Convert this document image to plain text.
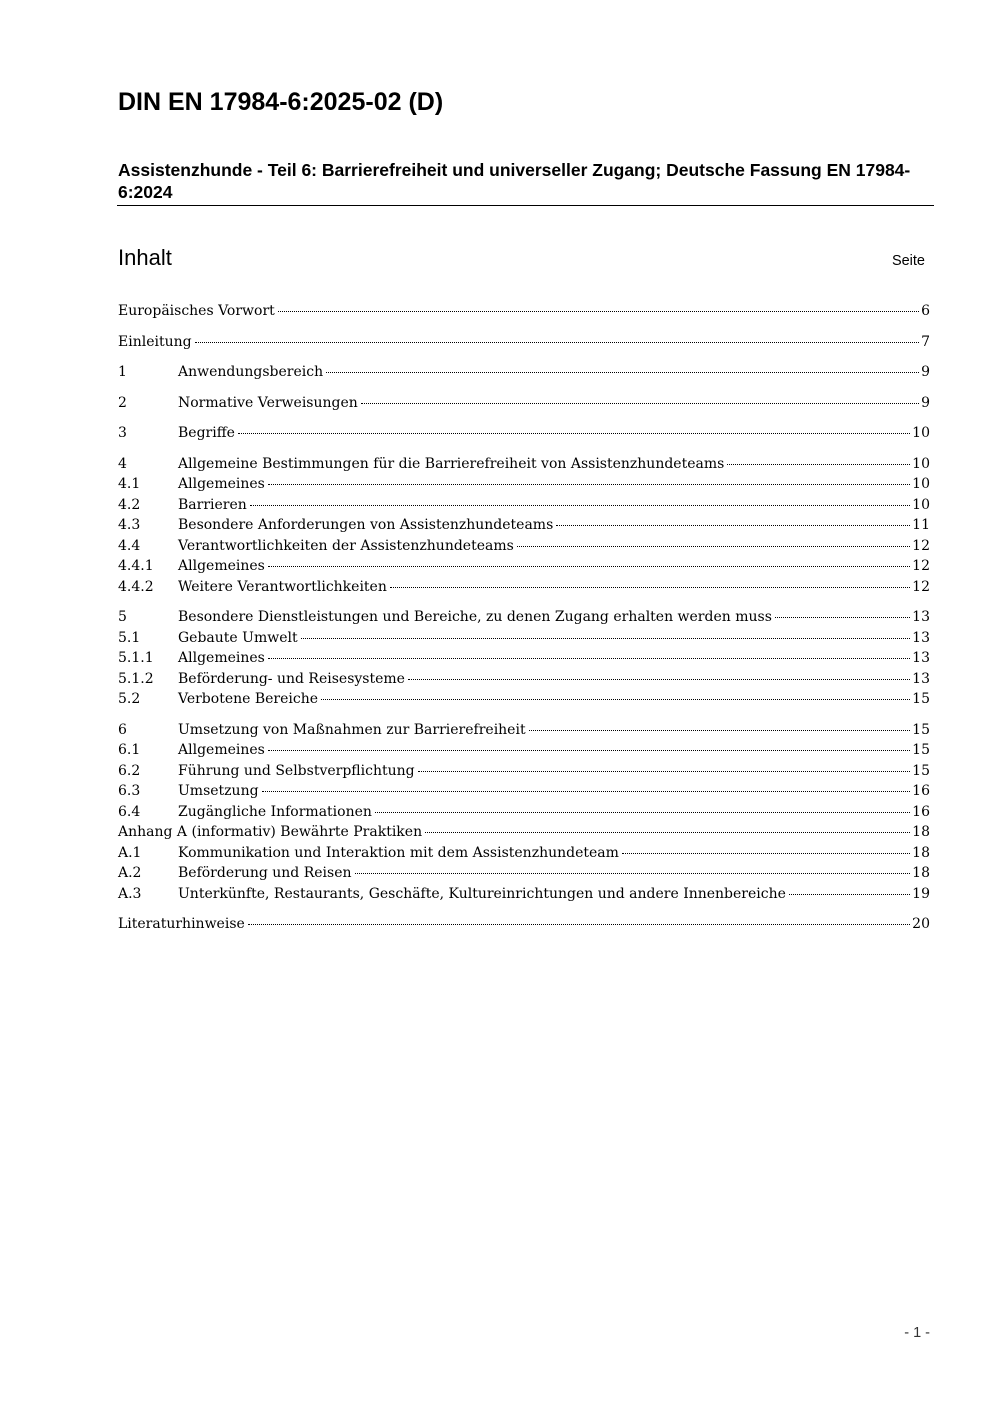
DIN EN 17984-6:2025-02 (D)
Assistenzhunde - Teil 6: Barrierefreiheit und universeller Zugang; Deutsche Fassung EN 17984-6:2024
Inhalt	Seite
Europäisches Vorwort	6
Einleitung	7
1	Anwendungsbereich	9
2	Normative Verweisungen	9
3	Begriffe	10
4	Allgemeine Bestimmungen für die Barrierefreiheit von Assistenzhundeteams	10
4.1	Allgemeines	10
4.2	Barrieren	10
4.3	Besondere Anforderungen von Assistenzhundeteams	11
4.4	Verantwortlichkeiten der Assistenzhundeteams	12
4.4.1 Allgemeines	12
4.4.2 Weitere Verantwortlichkeiten	12
5	Besondere Dienstleistungen und Bereiche, zu denen Zugang erhalten werden muss	13
5.1	Gebaute Umwelt	13
5.1.1 Allgemeines	13
5.1.2 Beförderung- und Reisesysteme	13
5.2	Verbotene Bereiche	15
6	Umsetzung von Maßnahmen zur Barrierefreiheit	15
6.1	Allgemeines	15
6.2	Führung und Selbstverpflichtung	15
6.3	Umsetzung	16
6.4	Zugängliche Informationen	16
Anhang A (informativ) Bewährte Praktiken	18
A.1	Kommunikation und Interaktion mit dem Assistenzhundeteam	18
A.2	Beförderung und Reisen	18
A.3	Unterkünfte, Restaurants, Geschäfte, Kultureinrichtungen und andere Innenbereiche	19
Literaturhinweise	20
- 1 -
